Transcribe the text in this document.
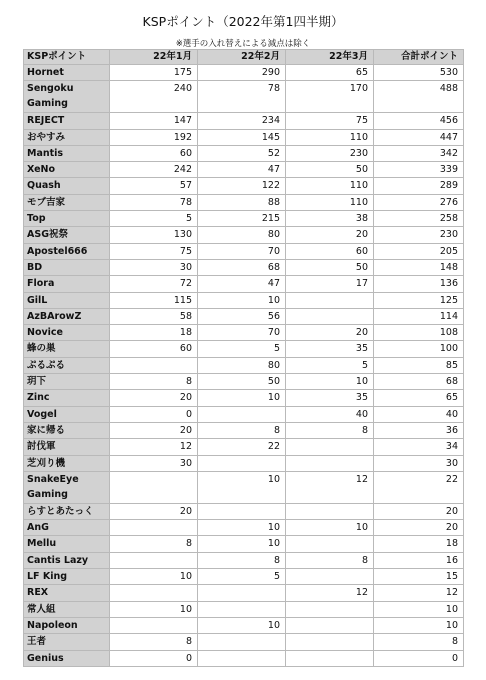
KSPポイント（2022年第1四半期）

※選手の入れ替えによる減点は除く

KSPポイント	22年1月	22年2月	22年3月	合計ポイント
Hornet	175	290	65	530
Sengoku Gaming	240	78	170	488
REJECT	147	234	75	456
おやすみ	192	145	110	447
Mantis	60	52	230	342
XeNo	242	47	50	339
Quash	57	122	110	289
モブ吉家	78	88	110	276
Top	5	215	38	258
ASG祝祭	130	80	20	230
Apostel666	75	70	60	205
BD	30	68	50	148
Flora	72	47	17	136
GilL	115	10		125
AzBArowZ	58	56		114
Novice	18	70	20	108
蜂の巣	60	5	35	100
ぷるぷる		80	5	85
玥下	8	50	10	68
Zinc	20	10	35	65
Vogel	0		40	40
家に帰る	20	8	8	36
討伐軍	12	22		34
芝刈り機	30			30
SnakeEye Gaming		10	12	22
らすとあたっく	20			20
AnG		10	10	20
Mellu	8	10		18
Cantis Lazy		8	8	16
LF King	10	5		15
REX			12	12
常人組	10			10
Napoleon		10		10
王者	8			8
Genius	0			0
